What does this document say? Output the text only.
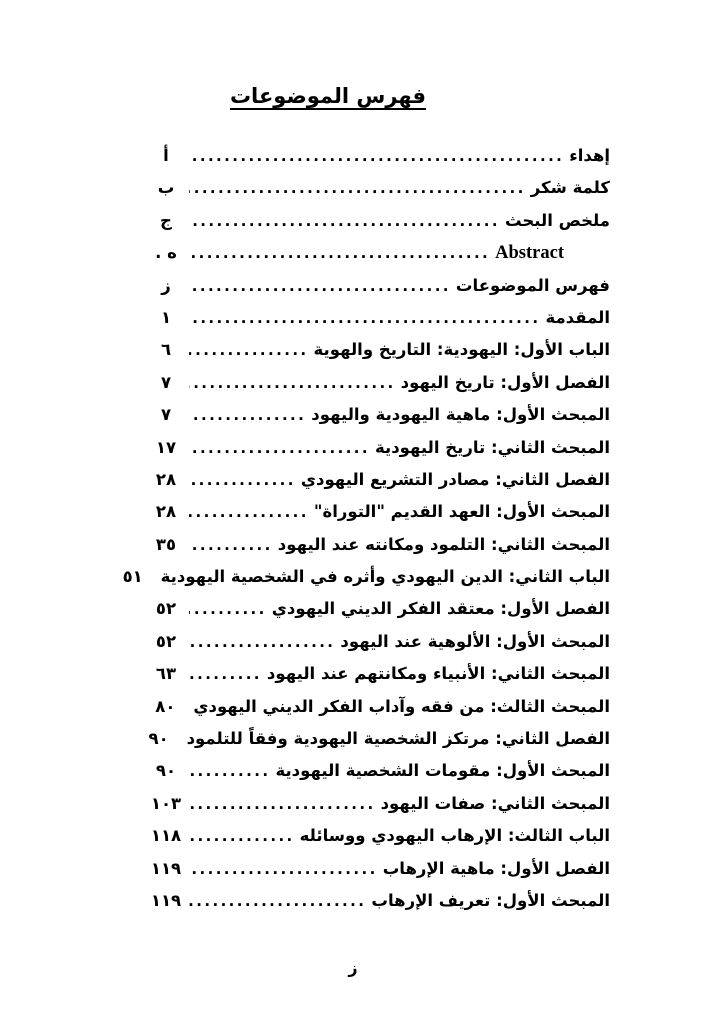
فهرس الموضوعات
إهداء
.....
أ
كلمة شكر
.....
ب
ملخص البحث
.....
ج
Abstract
.....
ه .
فهرس الموضوعات
.....
ز
المقدمة
.....
١
الباب الأول: اليهودية: التاريخ والهوية
.....
٦
الفصل الأول: تاريخ اليهود
.....
٧
المبحث الأول: ماهية اليهودية واليهود
.....
٧
المبحث الثاني: تاريخ اليهودية
.....
١٧
الفصل الثاني: مصادر التشريع اليهودي
.....
٢٨
المبحث الأول: العهد القديم "التوراة"
.....
٢٨
المبحث الثاني: التلمود ومكانته عند اليهود
.....
٣٥
الباب الثاني: الدين اليهودي وأثره في الشخصية اليهودية
٥١
الفصل الأول: معتقد الفكر الديني اليهودي
.....
٥٢
المبحث الأول: الألوهية عند اليهود
.....
٥٢
المبحث الثاني: الأنبياء ومكانتهم عند اليهود
.....
٦٣
المبحث الثالث: من فقه وآداب الفكر الديني اليهودي
٨٠
الفصل الثاني: مرتكز الشخصية اليهودية وفقاً للتلمود
٩٠
المبحث الأول: مقومات الشخصية اليهودية
.....
٩٠
المبحث الثاني: صفات اليهود
.....
١٠٣
الباب الثالث: الإرهاب اليهودي ووسائله
.....
١١٨
الفصل الأول: ماهية الإرهاب
.....
١١٩
المبحث الأول: تعريف الإرهاب
.....
١١٩
ز
